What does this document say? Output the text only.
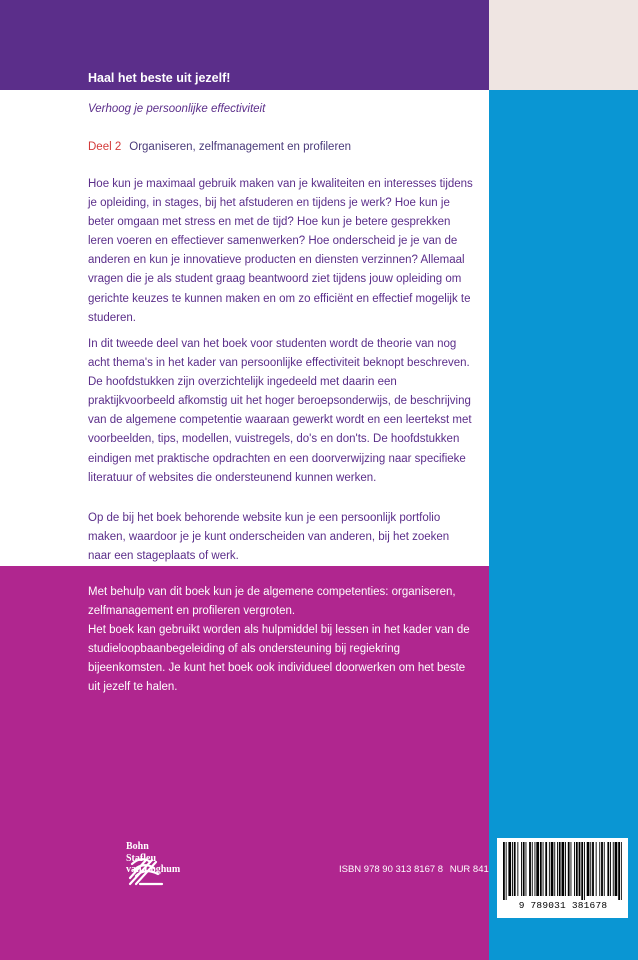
Haal het beste uit jezelf!
Verhoog je persoonlijke effectiviteit
Deel 2 Organiseren, zelfmanagement en profileren

Hoe kun je maximaal gebruik maken van je kwaliteiten en interesses tijdens je opleiding, in stages, bij het afstuderen en tijdens je werk? Hoe kun je beter omgaan met stress en met de tijd? Hoe kun je betere gesprekken leren voeren en effectiever samenwerken? Hoe onderscheid je je van de anderen en kun je innovatieve producten en diensten verzinnen? Allemaal vragen die je als student graag beantwoord ziet tijdens jouw opleiding om gerichte keuzes te kunnen maken en om zo efficiënt en effectief mogelijk te studeren.

In dit tweede deel van het boek voor studenten wordt de theorie van nog acht thema's in het kader van persoonlijke effectiviteit beknopt beschreven. De hoofdstukken zijn overzichtelijk ingedeeld met daarin een praktijkvoorbeeld afkomstig uit het hoger beroepsonderwijs, de beschrijving van de algemene competentie waaraan gewerkt wordt en een leertekst met voorbeelden, tips, modellen, vuistregels, do's en don'ts. De hoofdstukken eindigen met praktische opdrachten en een doorverwijzing naar specifieke literatuur of websites die ondersteunend kunnen werken.

Op de bij het boek behorende website kun je een persoonlijk portfolio maken, waardoor je je kunt onderscheiden van anderen, bij het zoeken naar een stageplaats of werk.

Met behulp van dit boek kun je de algemene competenties: organiseren, zelfmanagement en profileren vergroten.
Het boek kan gebruikt worden als hulpmiddel bij lessen in het kader van de studieloopbaanbegeleiding of als ondersteuning bij regiekring bijeenkomsten. Je kunt het boek ook individueel doorwerken om het beste uit jezelf te halen.

Bohn
Stafleu
van Loghum	ISBN 978 90 313 8167 8 NUR 841
9 789031 381678
